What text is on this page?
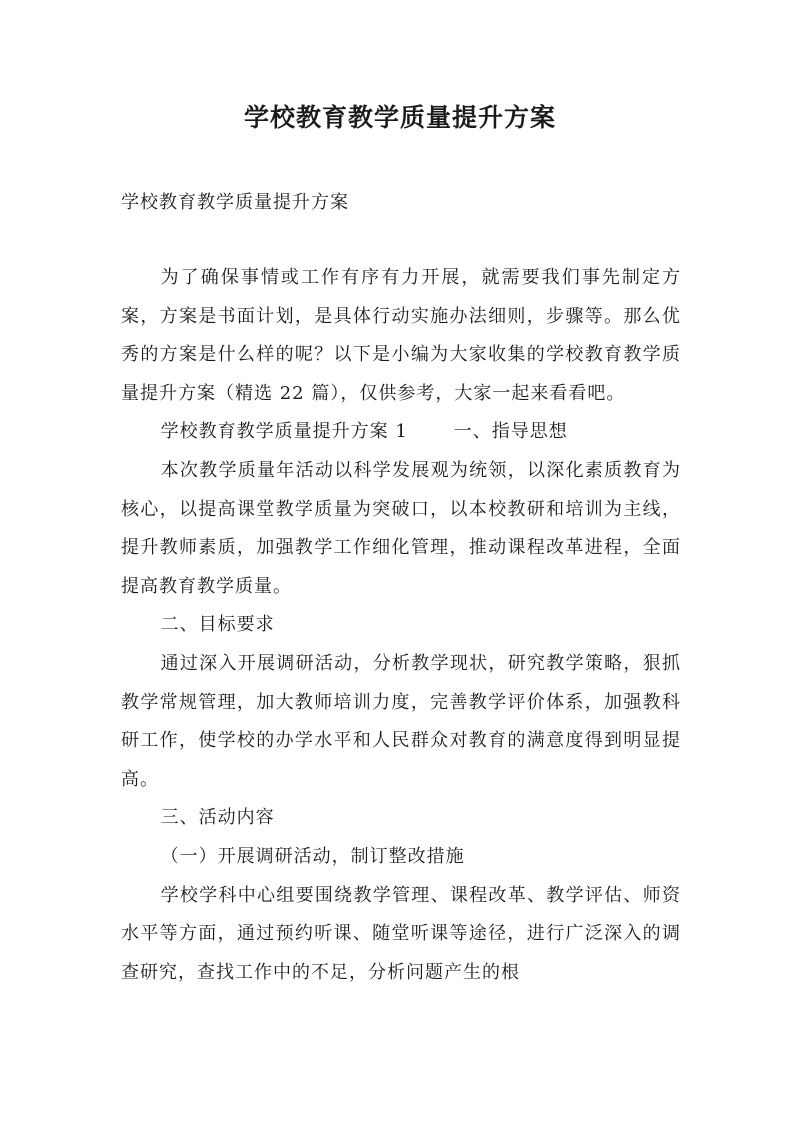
学校教育教学质量提升方案
学校教育教学质量提升方案

为了确保事情或工作有序有力开展，就需要我们事先制定方案，方案是书面计划，是具体行动实施办法细则，步骤等。那么优秀的方案是什么样的呢？以下是小编为大家收集的学校教育教学质量提升方案（精选 22 篇），仅供参考，大家一起来看看吧。

学校教育教学质量提升方案 1	一、指导思想

本次教学质量年活动以科学发展观为统领，以深化素质教育为核心，以提高课堂教学质量为突破口，以本校教研和培训为主线，提升教师素质，加强教学工作细化管理，推动课程改革进程，全面提高教育教学质量。

二、目标要求

通过深入开展调研活动，分析教学现状，研究教学策略，狠抓教学常规管理，加大教师培训力度，完善教学评价体系，加强教科研工作，使学校的办学水平和人民群众对教育的满意度得到明显提高。

三、活动内容

（一）开展调研活动，制订整改措施

学校学科中心组要围绕教学管理、课程改革、教学评估、师资水平等方面，通过预约听课、随堂听课等途径，进行广泛深入的调查研究，查找工作中的不足，分析问题产生的根
